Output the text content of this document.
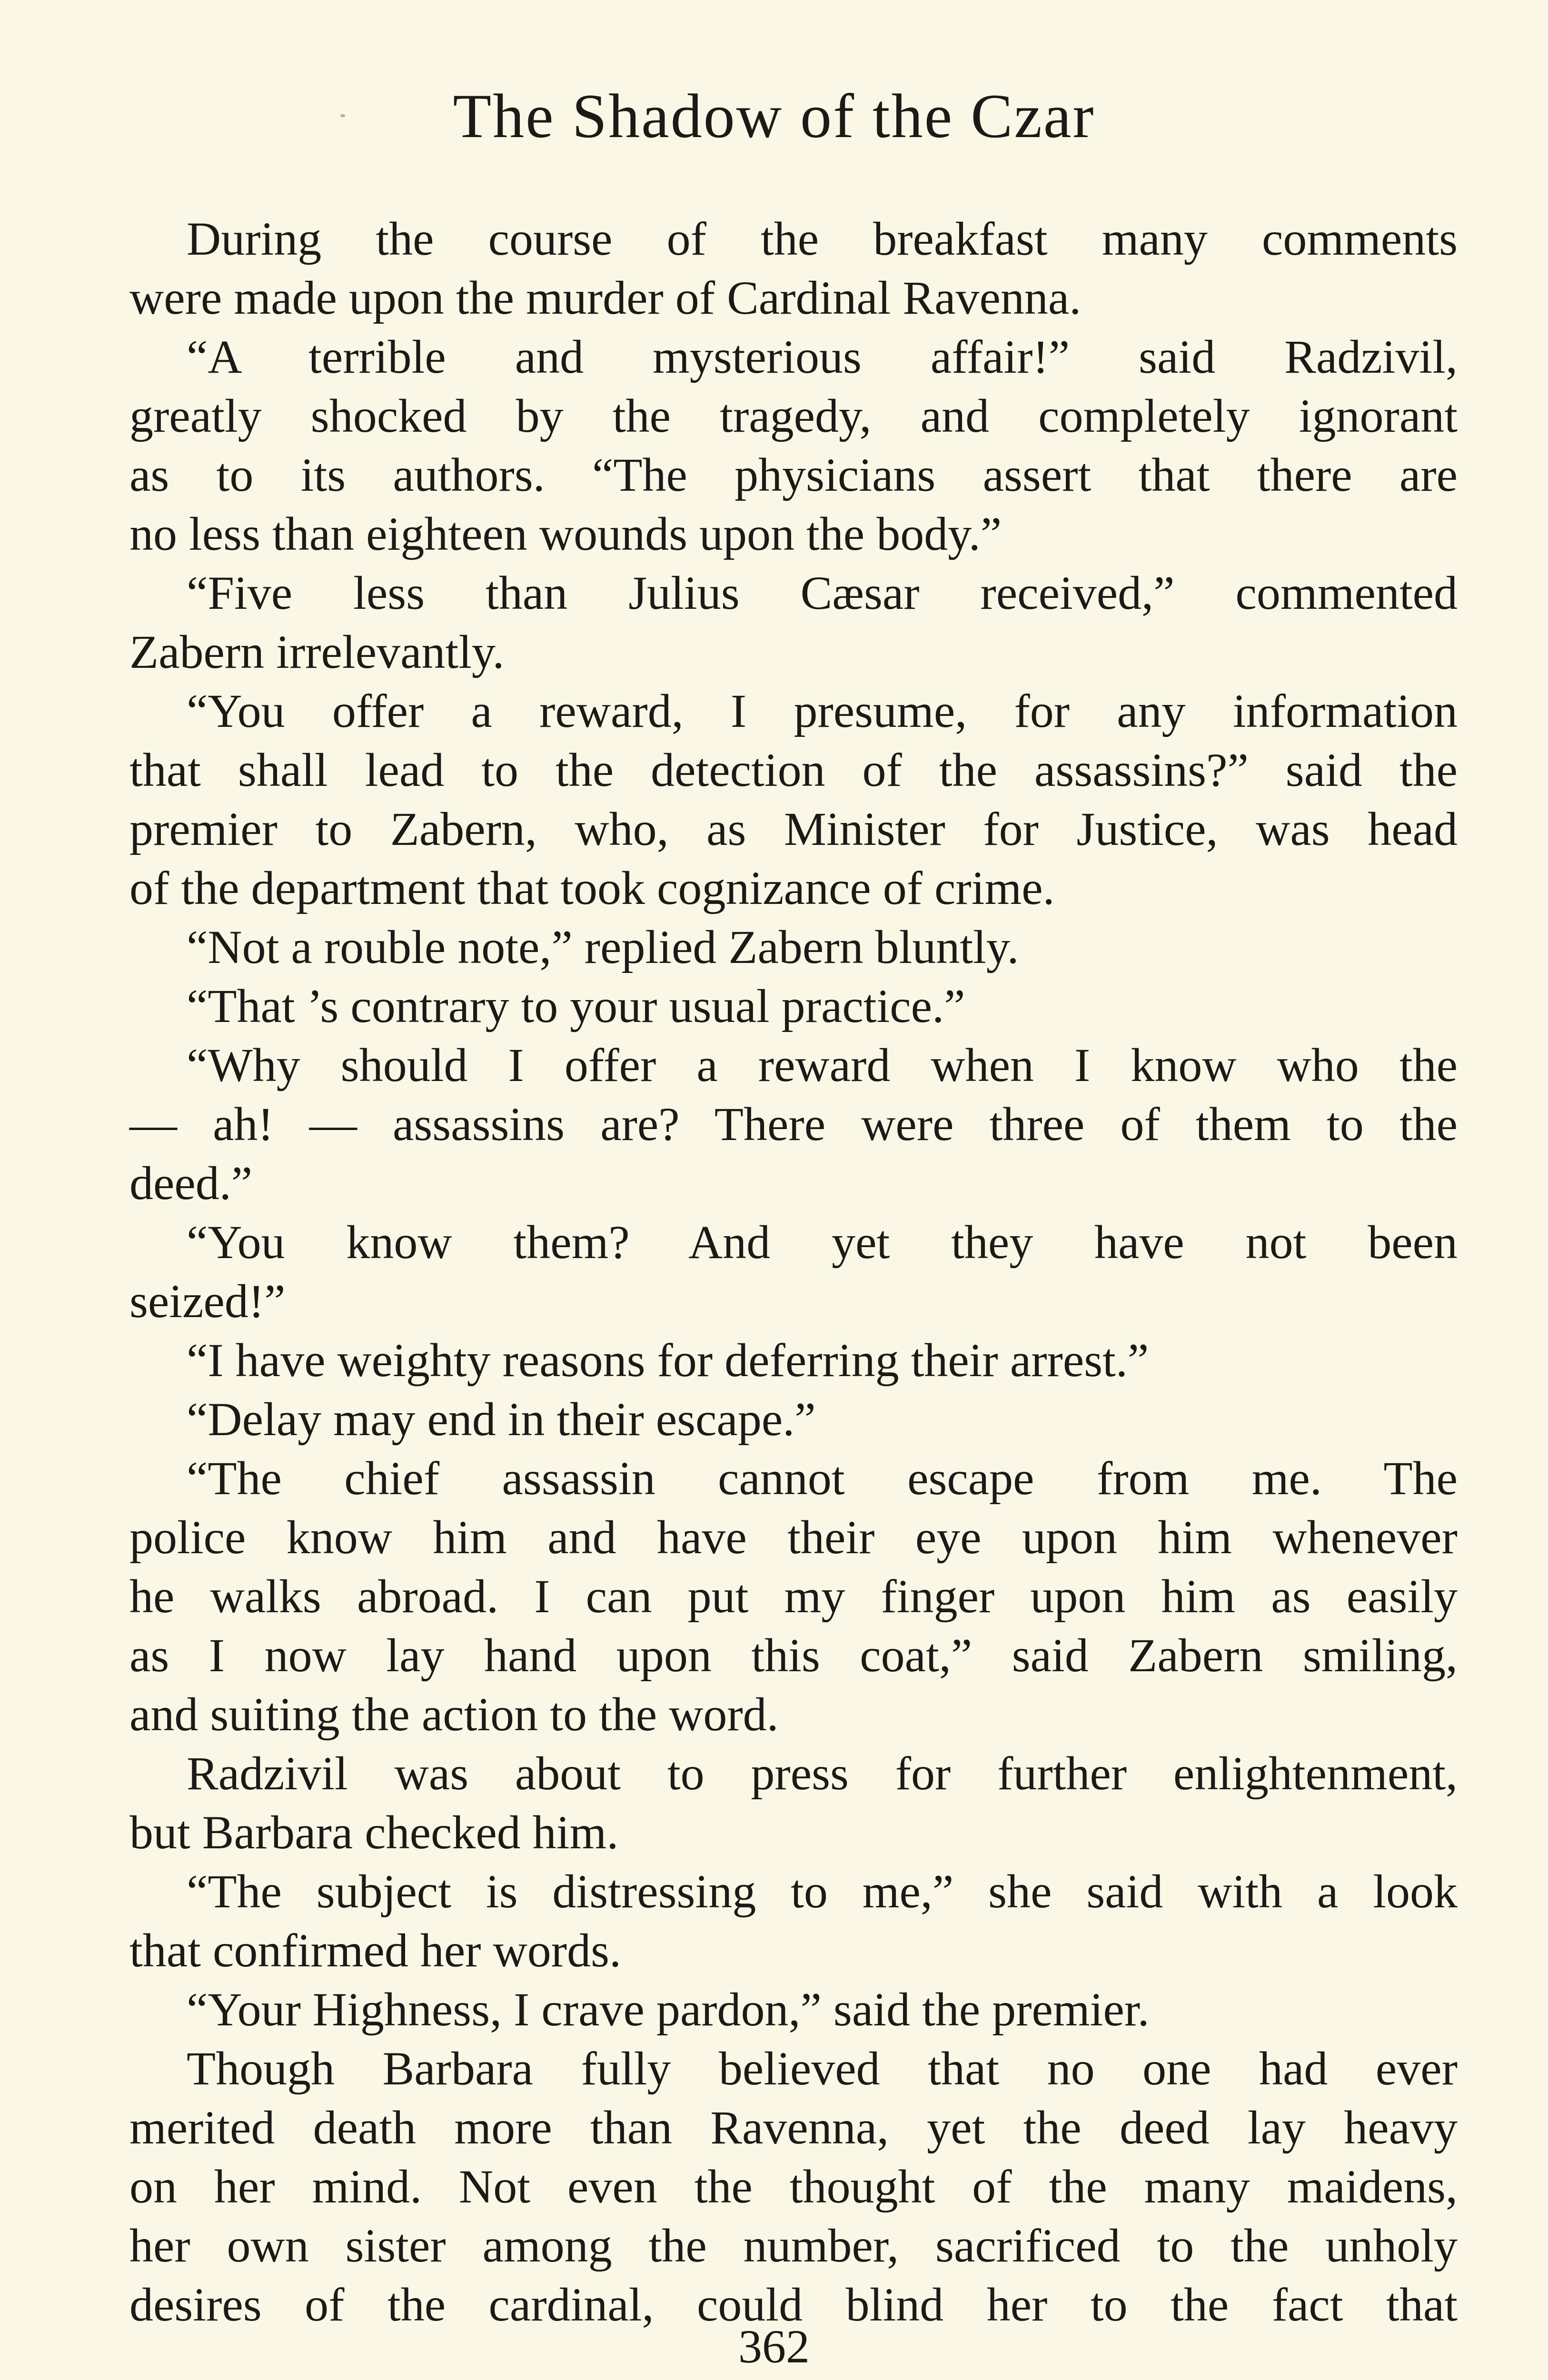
The Shadow of the Czar
During the course of the breakfast many comments
were made upon the murder of Cardinal Ravenna.
“A terrible and mysterious affair!” said Radzivil,
greatly shocked by the tragedy, and completely ignorant
as to its authors. “The physicians assert that there are
no less than eighteen wounds upon the body.”
“Five less than Julius Cæsar received,” commented
Zabern irrelevantly.
“You offer a reward, I presume, for any information
that shall lead to the detection of the assassins?” said the
premier to Zabern, who, as Minister for Justice, was head
of the department that took cognizance of crime.
“Not a rouble note,” replied Zabern bluntly.
“That ’s contrary to your usual practice.”
“Why should I offer a reward when I know who the
— ah! — assassins are? There were three of them to the
deed.”
“You know them? And yet they have not been
seized!”
“I have weighty reasons for deferring their arrest.”
“Delay may end in their escape.”
“The chief assassin cannot escape from me. The
police know him and have their eye upon him whenever
he walks abroad. I can put my finger upon him as easily
as I now lay hand upon this coat,” said Zabern smiling,
and suiting the action to the word.
Radzivil was about to press for further enlightenment,
but Barbara checked him.
“The subject is distressing to me,” she said with a look
that confirmed her words.
“Your Highness, I crave pardon,” said the premier.
Though Barbara fully believed that no one had ever
merited death more than Ravenna, yet the deed lay heavy
on her mind. Not even the thought of the many maidens,
her own sister among the number, sacrificed to the unholy
desires of the cardinal, could blind her to the fact that
362
